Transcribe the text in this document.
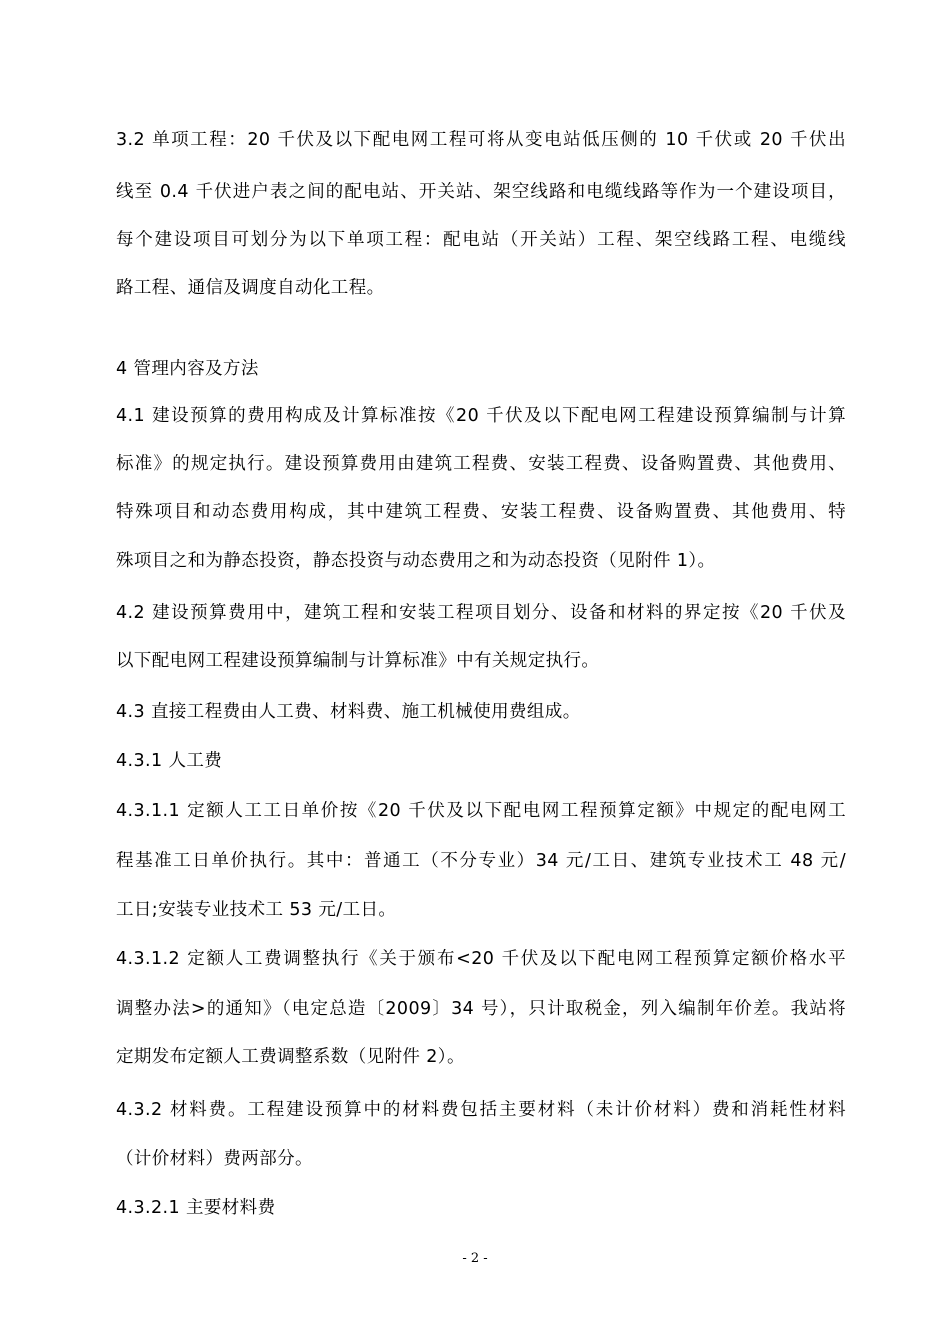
3.2 单项工程：20 千伏及以下配电网工程可将从变电站低压侧的 10 千伏或 20 千伏出
线至 0.4 千伏进户表之间的配电站、开关站、架空线路和电缆线路等作为一个建设项目，
每个建设项目可划分为以下单项工程：配电站（开关站）工程、架空线路工程、电缆线
路工程、通信及调度自动化工程。
4 管理内容及方法
4.1 建设预算的费用构成及计算标准按《20 千伏及以下配电网工程建设预算编制与计算
标准》的规定执行。建设预算费用由建筑工程费、安装工程费、设备购置费、其他费用、
特殊项目和动态费用构成，其中建筑工程费、安装工程费、设备购置费、其他费用、特
殊项目之和为静态投资，静态投资与动态费用之和为动态投资（见附件 1）。
4.2 建设预算费用中，建筑工程和安装工程项目划分、设备和材料的界定按《20 千伏及
以下配电网工程建设预算编制与计算标准》中有关规定执行。
4.3 直接工程费由人工费、材料费、施工机械使用费组成。
4.3.1 人工费
4.3.1.1 定额人工工日单价按《20 千伏及以下配电网工程预算定额》中规定的配电网工
程基准工日单价执行。其中：普通工（不分专业）34 元/工日、建筑专业技术工 48 元/
工日;安装专业技术工 53 元/工日。
4.3.1.2 定额人工费调整执行《关于颁布<20 千伏及以下配电网工程预算定额价格水平
调整办法>的通知》（电定总造〔2009〕34 号），只计取税金，列入编制年价差。我站将
定期发布定额人工费调整系数（见附件 2）。
4.3.2 材料费。工程建设预算中的材料费包括主要材料（未计价材料）费和消耗性材料
（计价材料）费两部分。
4.3.2.1 主要材料费
- 2 -
